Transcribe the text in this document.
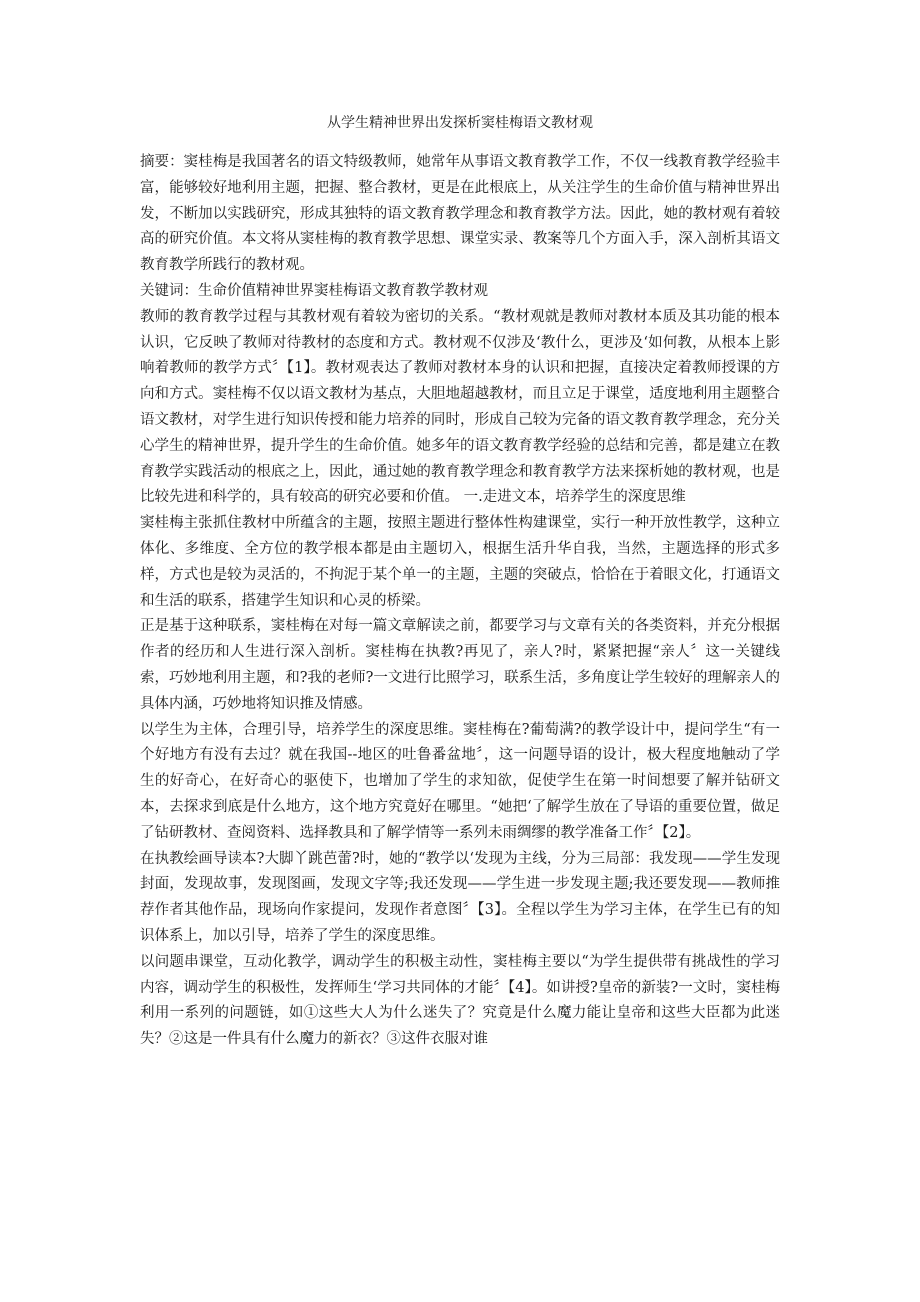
从学生精神世界出发探析窦桂梅语文教材观

摘要：窦桂梅是我国著名的语文特级教师，她常年从事语文教育教学工作，不仅一线教育教学经验丰富，能够较好地利用主题，把握、整合教材，更是在此根底上，从关注学生的生命价值与精神世界出发，不断加以实践研究，形成其独特的语文教育教学理念和教育教学方法。因此，她的教材观有着较高的研究价值。本文将从窦桂梅的教育教学思想、课堂实录、教案等几个方面入手，深入剖析其语文教育教学所践行的教材观。

关键词：生命价值精神世界窦桂梅语文教育教学教材观

教师的教育教学过程与其教材观有着较为密切的关系。“教材观就是教师对教材本质及其功能的根本认识，它反映了教师对待教材的态度和方式。教材观不仅涉及‘教什么，更涉及‘如何教，从根本上影响着教师的教学方式〞【1】。教材观表达了教师对教材本身的认识和把握，直接决定着教师授课的方向和方式。窦桂梅不仅以语文教材为基点，大胆地超越教材，而且立足于课堂，适度地利用主题整合语文教材，对学生进行知识传授和能力培养的同时，形成自己较为完备的语文教育教学理念，充分关心学生的精神世界，提升学生的生命价值。她多年的语文教育教学经验的总结和完善，都是建立在教育教学实践活动的根底之上，因此，通过她的教育教学理念和教育教学方法来探析她的教材观，也是比较先进和科学的，具有较高的研究必要和价值。 一.走进文本，培养学生的深度思维

窦桂梅主张抓住教材中所蕴含的主题，按照主题进行整体性构建课堂，实行一种开放性教学，这种立体化、多维度、全方位的教学根本都是由主题切入，根据生活升华自我，当然，主题选择的形式多样，方式也是较为灵活的，不拘泥于某个单一的主题，主题的突破点，恰恰在于着眼文化，打通语文和生活的联系，搭建学生知识和心灵的桥梁。

正是基于这种联系，窦桂梅在对每一篇文章解读之前，都要学习与文章有关的各类资料，并充分根据作者的经历和人生进行深入剖析。窦桂梅在执教?再见了，亲人?时，紧紧把握“亲人〞这一关键线索，巧妙地利用主题，和?我的老师?一文进行比照学习，联系生活，多角度让学生较好的理解亲人的具体内涵，巧妙地将知识推及情感。

以学生为主体，合理引导，培养学生的深度思维。窦桂梅在?葡萄满?的教学设计中，提问学生“有一个好地方有没有去过？就在我国--地区的吐鲁番盆地〞，这一问题导语的设计，极大程度地触动了学生的好奇心，在好奇心的驱使下，也增加了学生的求知欲，促使学生在第一时间想要了解并钻研文本，去探求到底是什么地方，这个地方究竟好在哪里。“她把‘了解学生放在了导语的重要位置，做足了钻研教材、查阅资料、选择教具和了解学情等一系列未雨绸缪的教学准备工作〞【2】。

在执教绘画导读本?大脚丫跳芭蕾?时，她的“教学以‘发现为主线，分为三局部：我发现——学生发现封面，发现故事，发现图画，发现文字等;我还发现——学生进一步发现主题;我还要发现——教师推荐作者其他作品，现场向作家提问，发现作者意图〞【3】。全程以学生为学习主体，在学生已有的知识体系上，加以引导，培养了学生的深度思维。

以问题串课堂，互动化教学，调动学生的积极主动性，窦桂梅主要以“为学生提供带有挑战性的学习内容，调动学生的积极性，发挥师生‘学习共同体的才能〞【4】。如讲授?皇帝的新装?一文时，窦桂梅利用一系列的问题链，如①这些大人为什么迷失了？究竟是什么魔力能让皇帝和这些大臣都为此迷失？②这是一件具有什么魔力的新衣？③这件衣服对谁
